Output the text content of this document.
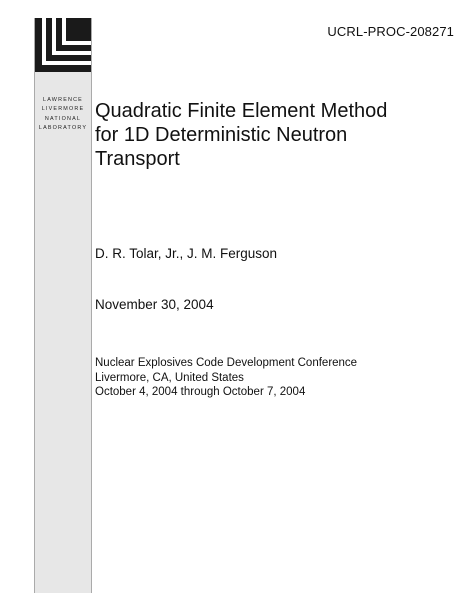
UCRL-PROC-208271
LAWRENCE
LIVERMORE
NATIONAL
LABORATORY
Quadratic Finite Element Method
for 1D Deterministic Neutron
Transport
D. R. Tolar, Jr., J. M. Ferguson
November 30, 2004
Nuclear Explosives Code Development Conference
Livermore, CA, United States
October 4, 2004 through October 7, 2004
